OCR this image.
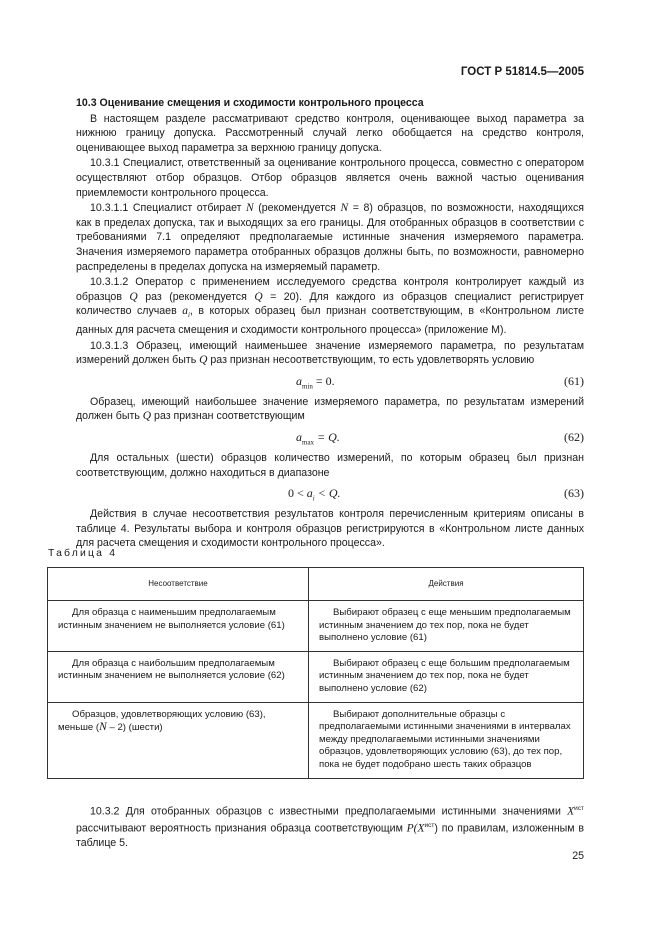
ГОСТ Р 51814.5—2005

10.3 Оценивание смещения и сходимости контрольного процесса

В настоящем разделе рассматривают средство контроля, оценивающее выход параметра за нижнюю границу допуска. Рассмотренный случай легко обобщается на средство контроля, оценивающее выход параметра за верхнюю границу допуска.

10.3.1 Специалист, ответственный за оценивание контрольного процесса, совместно с оператором осуществляют отбор образцов. Отбор образцов является очень важной частью оценивания приемлемости контрольного процесса.

10.3.1.1 Специалист отбирает N (рекомендуется N = 8) образцов, по возможности, находящихся как в пределах допуска, так и выходящих за его границы. Для отобранных образцов в соответствии с требованиями 7.1 определяют предполагаемые истинные значения измеряемого параметра. Значения измеряемого параметра отобранных образцов должны быть, по возможности, равномерно распределены в пределах допуска на измеряемый параметр.

10.3.1.2 Оператор с применением исследуемого средства контроля контролирует каждый из образцов Q раз (рекомендуется Q = 20). Для каждого из образцов специалист регистрирует количество случаев $a_i$, в которых образец был признан соответствующим, в «Контрольном листе данных для расчета смещения и сходимости контрольного процесса» (приложение М).

10.3.1.3 Образец, имеющий наименьшее значение измеряемого параметра, по результатам измерений должен быть Q раз признан несоответствующим, то есть удовлетворять условию

$a_{min} = 0$.	(61)

Образец, имеющий наибольшее значение измеряемого параметра, по результатам измерений должен быть Q раз признан соответствующим

$a_{max} = Q$.	(62)

Для остальных (шести) образцов количество измерений, по которым образец был признан соответствующим, должно находиться в диапазоне

$0 < a_i < Q$.	(63)

Действия в случае несоответствия результатов контроля перечисленным критериям описаны в таблице 4. Результаты выбора и контроля образцов регистрируются в «Контрольном листе данных для расчета смещения и сходимости контрольного процесса».

Таблица 4
Несоответствие	Действия
Для образца с наименьшим предполагаемым истинным значением не выполняется условие (61)	Выбирают образец с еще меньшим предполагаемым истинным значением до тех пор, пока не будет выполнено условие (61)
Для образца с наибольшим предполагаемым истинным значением не выполняется условие (62)	Выбирают образец с еще большим предполагаемым истинным значением до тех пор, пока не будет выполнено условие (62)
Образцов, удовлетворяющих условию (63), меньше (N – 2) (шести)	Выбирают дополнительные образцы с предполагаемыми истинными значениями в интервалах между предполагаемыми истинными значениями образцов, удовлетворяющих условию (63), до тех пор, пока не будет подобрано шесть таких образцов

10.3.2 Для отобранных образцов с известными предполагаемыми истинными значениями $X^{ист}$ рассчитывают вероятность признания образца соответствующим $P(X^{ист})$ по правилам, изложенным в таблице 5.

25
